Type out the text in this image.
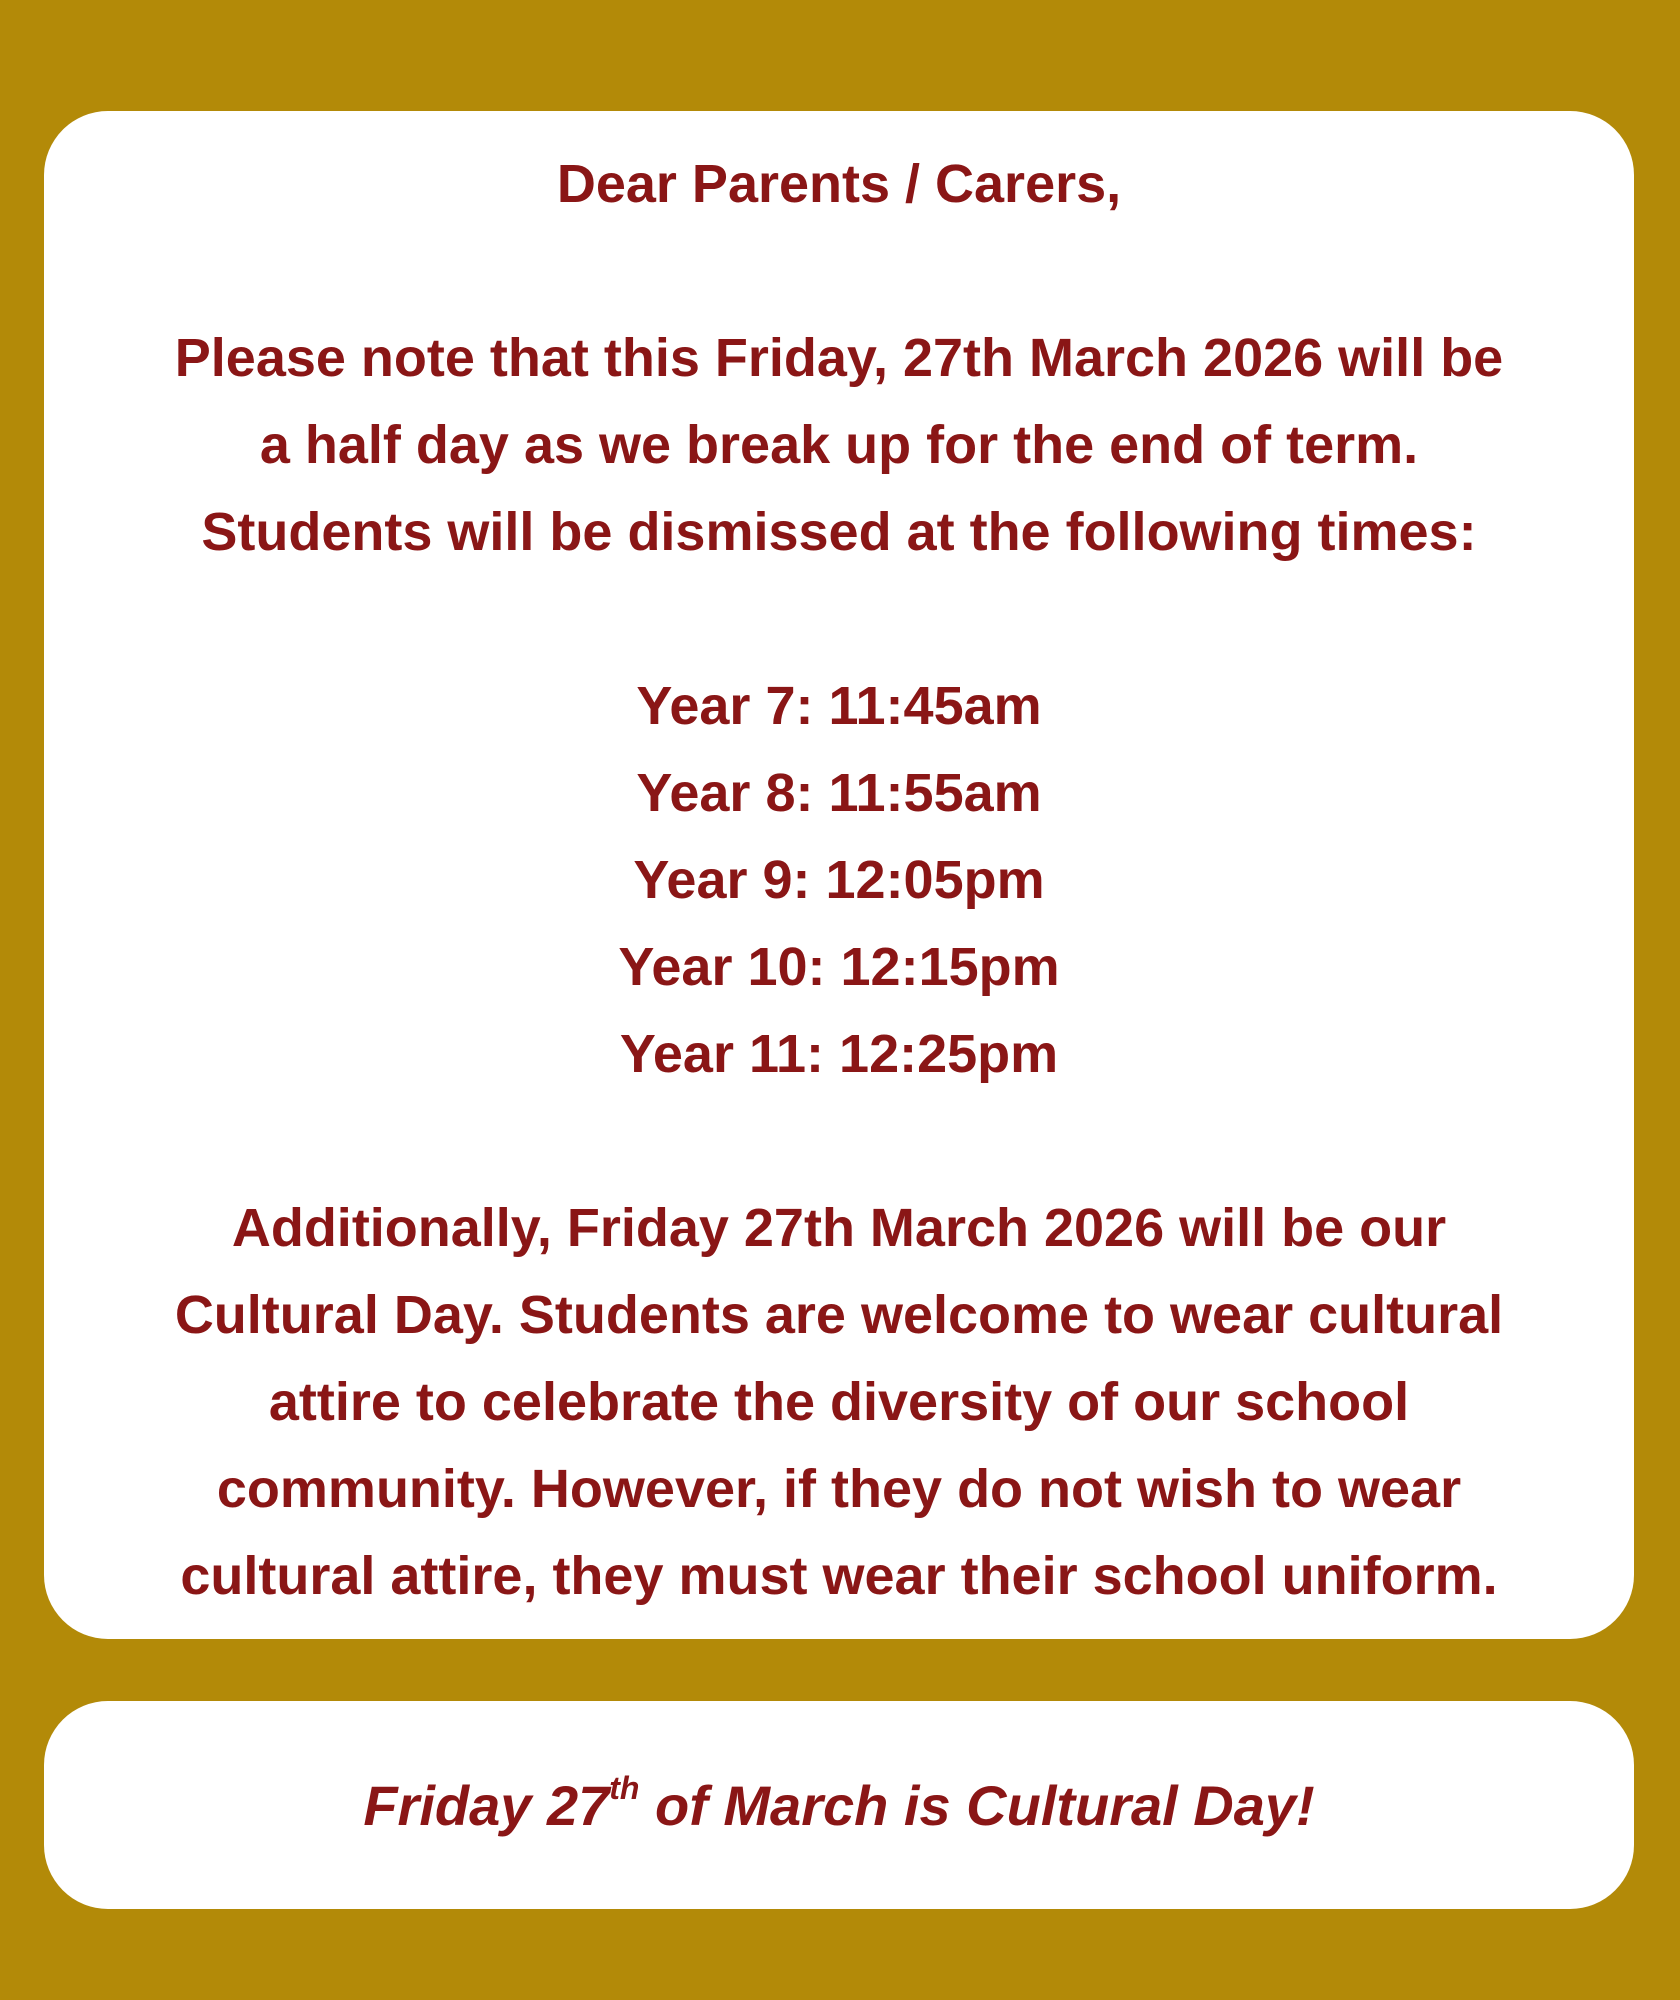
Dear Parents / Carers,

Please note that this Friday, 27th March 2026 will be

a half day as we break up for the end of term.

Students will be dismissed at the following times:

Year 7: 11:45am

Year 8: 11:55am

Year 9: 12:05pm

Year 10: 12:15pm

Year 11: 12:25pm

Additionally, Friday 27th March 2026 will be our

Cultural Day. Students are welcome to wear cultural

attire to celebrate the diversity of our school

community. However, if they do not wish to wear

cultural attire, they must wear their school uniform.

Friday 27th of March is Cultural Day!
